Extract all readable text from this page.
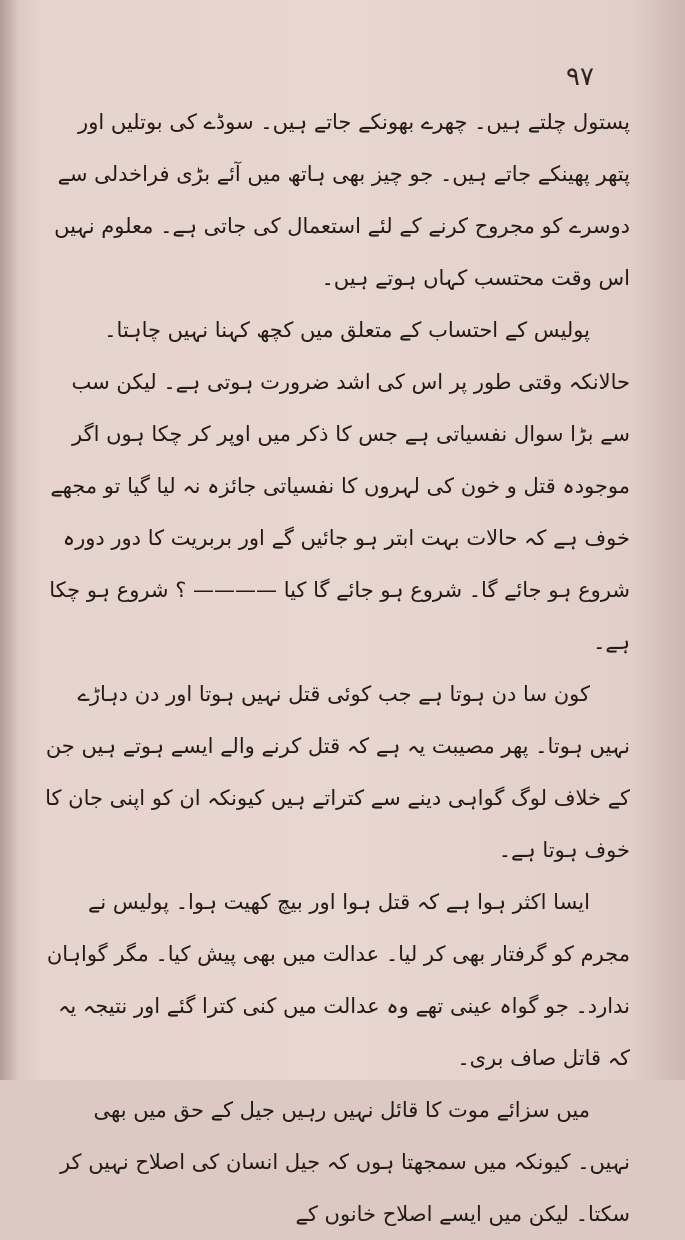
۹۷

پستول چلتے ہیں۔ چھرے بھونکے جاتے ہیں۔ سوڈے کی بوتلیں اور پتھر پھینکے جاتے ہیں۔ جو چیز بھی ہاتھ میں آئے بڑی فراخدلی سے دوسرے کو مجروح کرنے کے لئے استعمال کی جاتی ہے۔ معلوم نہیں اس وقت محتسب کہاں ہوتے ہیں۔

پولیس کے احتساب کے متعلق میں کچھ کہنا نہیں چاہتا۔ حالانکہ وقتی طور پر اس کی اشد ضرورت ہوتی ہے۔ لیکن سب سے بڑا سوال نفسیاتی ہے جس کا ذکر میں اوپر کر چکا ہوں اگر موجودہ قتل و خون کی لہروں کا نفسیاتی جائزہ نہ لیا گیا تو مجھے خوف ہے کہ حالات بہت ابتر ہو جائیں گے اور بربریت کا دور دورہ شروع ہو جائے گا۔ شروع ہو جائے گا کیا ———— ؟ شروع ہو چکا ہے۔

کون سا دن ہوتا ہے جب کوئی قتل نہیں ہوتا اور دن دہاڑے نہیں ہوتا۔ پھر مصیبت یہ ہے کہ قتل کرنے والے ایسے ہوتے ہیں جن کے خلاف لوگ گواہی دینے سے کتراتے ہیں کیونکہ ان کو اپنی جان کا خوف ہوتا ہے۔

ایسا اکثر ہوا ہے کہ قتل ہوا اور بیچ کھیت ہوا۔ پولیس نے مجرم کو گرفتار بھی کر لیا۔ عدالت میں بھی پیش کیا۔ مگر گواہان ندارد۔ جو گواہ عینی تھے وہ عدالت میں کنی کترا گئے اور نتیجہ یہ کہ قاتل صاف بری۔

میں سزائے موت کا قائل نہیں رہیں جیل کے حق میں بھی نہیں۔ کیونکہ میں سمجھتا ہوں کہ جیل انسان کی اصلاح نہیں کر سکتا۔ لیکن میں ایسے اصلاح خانوں کے
